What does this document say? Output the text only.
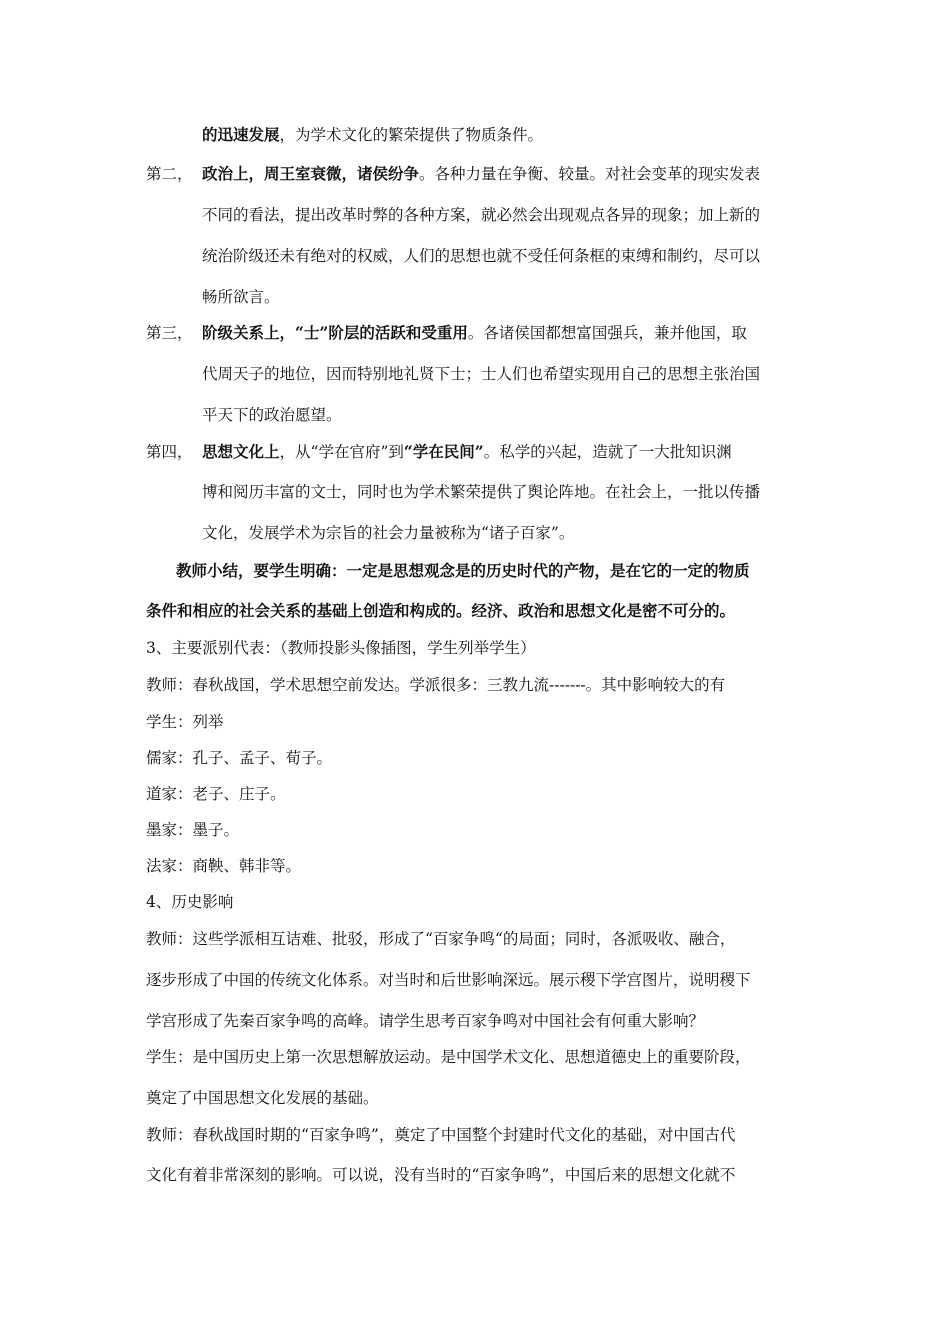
的迅速发展，为学术文化的繁荣提供了物质条件。
第二， 政治上，周王室衰微，诸侯纷争。各种力量在争衡、较量。对社会变革的现实发表
不同的看法，提出改革时弊的各种方案，就必然会出现观点各异的现象；加上新的
统治阶级还未有绝对的权威，人们的思想也就不受任何条框的束缚和制约，尽可以
畅所欲言。
第三， 阶级关系上，“士”阶层的活跃和受重用。各诸侯国都想富国强兵，兼并他国，取
代周天子的地位，因而特别地礼贤下士；士人们也希望实现用自己的思想主张治国
平天下的政治愿望。
第四， 思想文化上，从“学在官府”到“学在民间”。私学的兴起，造就了一大批知识渊
博和阅历丰富的文士，同时也为学术繁荣提供了舆论阵地。在社会上，一批以传播
文化，发展学术为宗旨的社会力量被称为“诸子百家”。
教师小结，要学生明确：一定是思想观念是的历史时代的产物，是在它的一定的物质
条件和相应的社会关系的基础上创造和构成的。经济、政治和思想文化是密不可分的。
3、主要派别代表：（教师投影头像插图，学生列举学生）
教师：春秋战国，学术思想空前发达。学派很多：三教九流-------。其中影响较大的有
学生：列举
儒家：孔子、孟子、荀子。
道家：老子、庄子。
墨家：墨子。
法家：商鞅、韩非等。
4、历史影响
教师：这些学派相互诘难、批驳，形成了“百家争鸣“的局面；同时，各派吸收、融合，
逐步形成了中国的传统文化体系。对当时和后世影响深远。展示稷下学宫图片，说明稷下
学宫形成了先秦百家争鸣的高峰。请学生思考百家争鸣对中国社会有何重大影响？
学生：是中国历史上第一次思想解放运动。是中国学术文化、思想道德史上的重要阶段，
奠定了中国思想文化发展的基础。
教师：春秋战国时期的“百家争鸣”，奠定了中国整个封建时代文化的基础，对中国古代
文化有着非常深刻的影响。可以说，没有当时的“百家争鸣”，中国后来的思想文化就不
